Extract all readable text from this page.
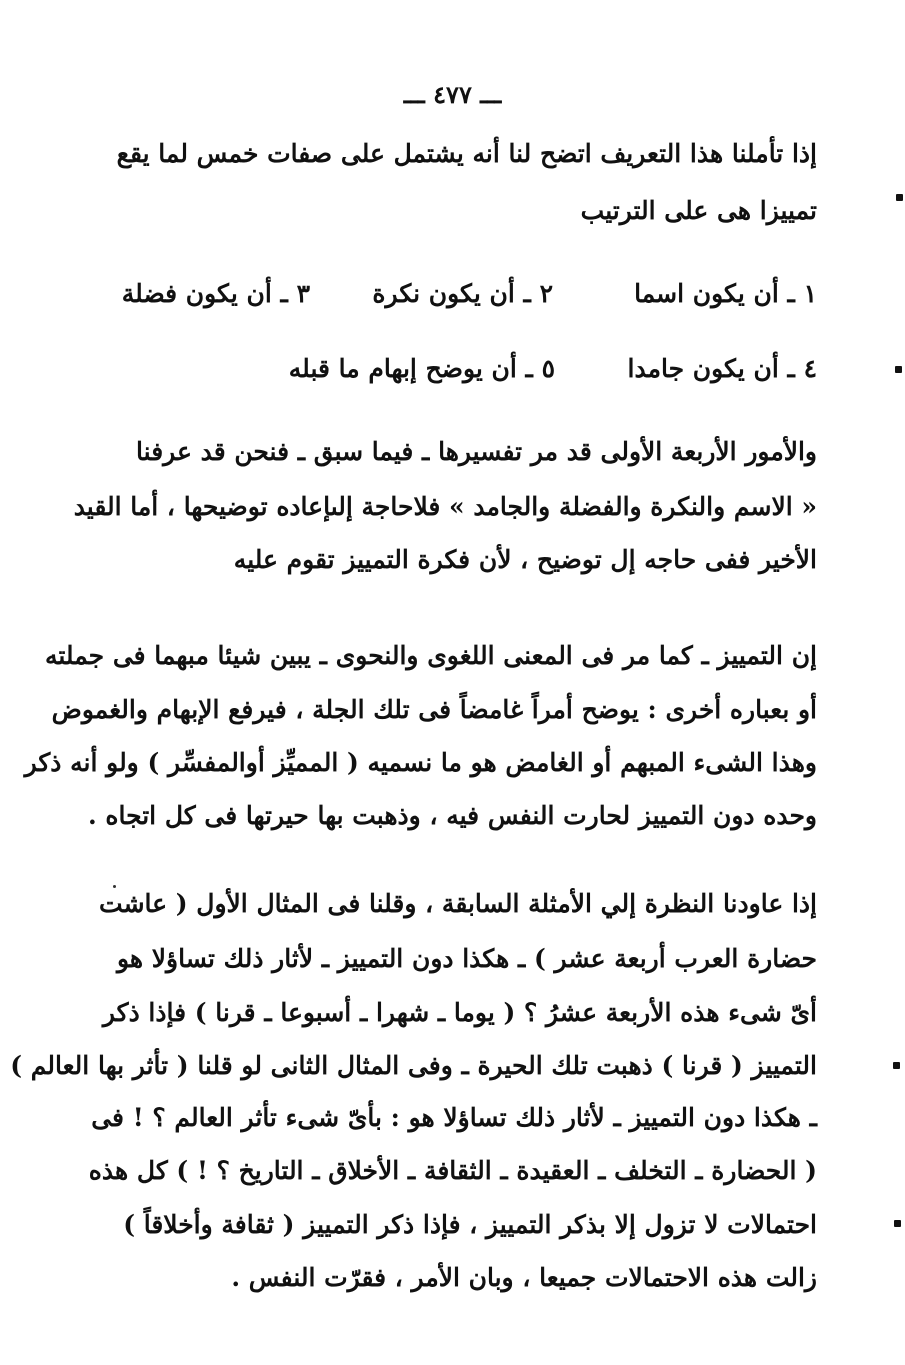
ـــ ٤٧٧ ـــ
إذا تأملنا هذا التعريف اتضح لنا أنه يشتمل على صفات خمس لما يقع
تمييزا هى على الترتيب
١ ـ أن يكون اسما
٢ ـ أن يكون نكرة
٣ ـ أن يكون فضلة
٤ ـ أن يكون جامدا
٥ ـ أن يوضح إبهام ما قبله
والأمور الأربعة الأولى قد مر تفسيرها ـ فيما سبق ـ فنحن قد عرفنا
« الاسم والنكرة والفضلة والجامد » فلاحاجة إلىإعاده توضيحها ، أما القيد
الأخير ففى حاجه إل توضيح ، لأن فكرة التمييز تقوم عليه
إن التمييز ـ كما مر فى المعنى اللغوى والنحوى ـ يبين شيئا مبهما فى جملته
أو بعباره أخرى : يوضح أمراً غامضاً فى تلك الجلة ، فيرفع الإبهام والغموض
وهذا الشىء المبهم أو الغامض هو ما نسميه ( المميِّز أوالمفسِّر ) ولو أنه ذكر
وحده دون التمييز لحارت النفس فيه ، وذهبت بها حيرتها فى كل اتجاه .
إذا عاودنا النظرة إلي الأمثلة السابقة ، وقلنا فى المثال الأول ( عاشت
حضارة العرب أربعة عشر ) ـ هكذا دون التمييز ـ لأثار ذلك تساؤلا هو
أىّ شىء هذه الأربعة عشرُ ؟ ( يوما ـ شهرا ـ أسبوعا ـ قرنا ) فإذا ذكر
التمييز ( قرنا ) ذهبت تلك الحيرة ـ وفى المثال الثانى لو قلنا ( تأثر بها العالم )
ـ هكذا دون التمييز ـ لأثار ذلك تساؤلا هو : بأىّ شىء تأثر العالم ؟ ! فى
( الحضارة ـ التخلف ـ العقيدة ـ الثقافة ـ الأخلاق ـ التاريخ ؟ ! ) كل هذه
احتمالات لا تزول إلا بذكر التمييز ، فإذا ذكر التمييز ( ثقافة وأخلاقاً )
زالت هذه الاحتمالات جميعا ، وبان الأمر ، فقرّت النفس .
